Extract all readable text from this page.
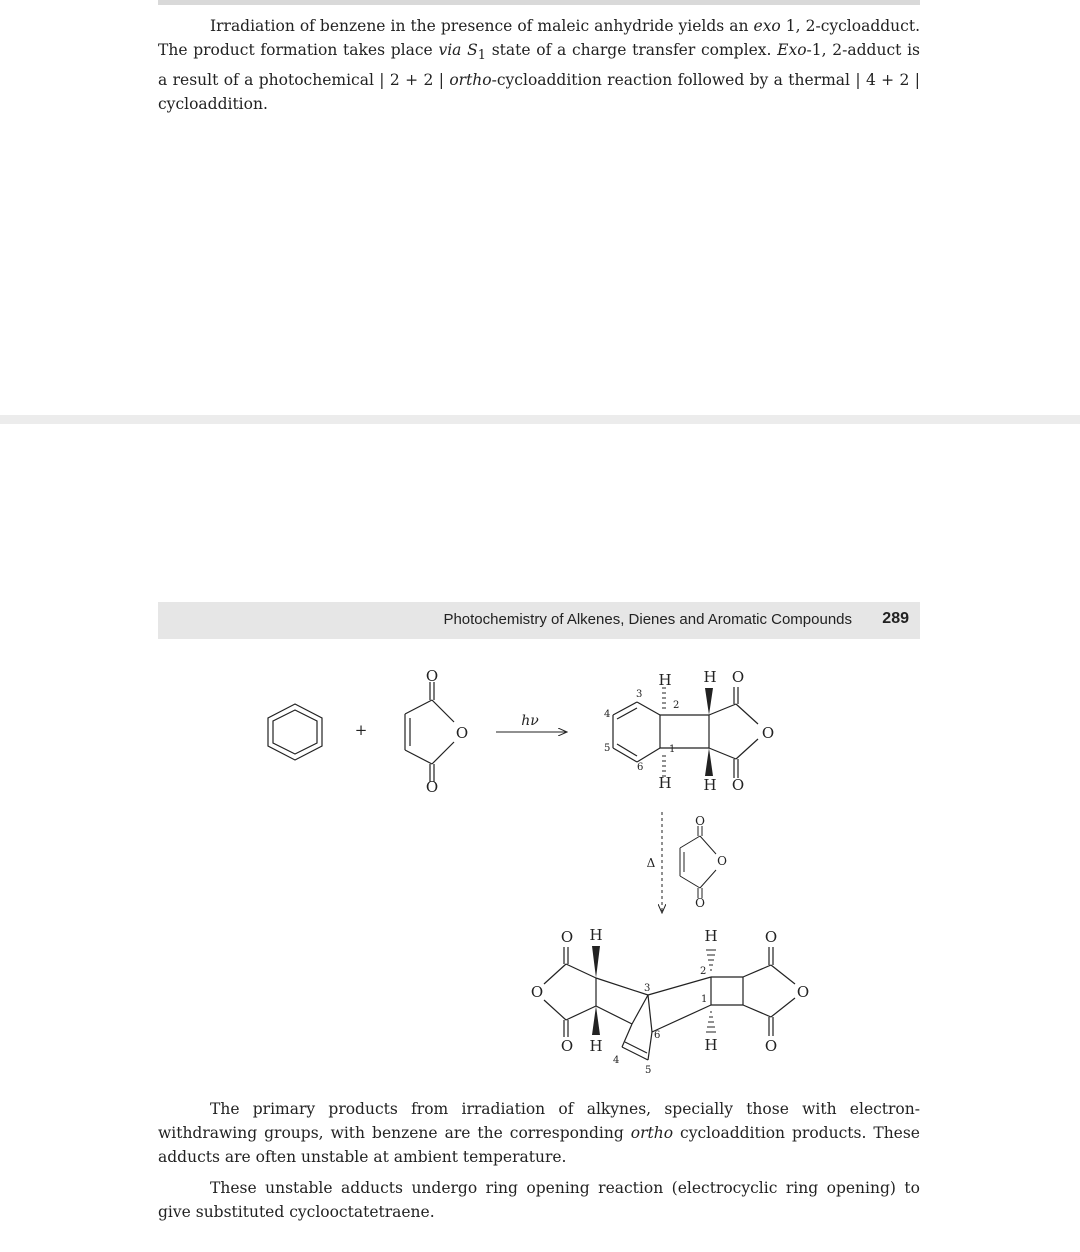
Irradiation of benzene in the presence of maleic anhydride yields an exo 1, 2-cycloadduct. The product formation takes place via $S_1$ state of a charge transfer complex. Exo-1, 2-adduct is a result of a photochemical | 2 + 2 | ortho-cycloaddition reaction followed by a thermal | 4 + 2 | cycloaddition.

Photochemistry of Alkenes, Dienes and Aromatic Compounds 289
+
O
O
O
hν
H H O
O
H H O
2
1
3
4
5
6
Δ
O
O
O
O H
O
O H
H	O
O
H	O
2
1
3
6
4
5

The primary products from irradiation of alkynes, specially those with electron-withdrawing groups, with benzene are the corresponding ortho cycloaddition products. These adducts are often unstable at ambient temperature.

These unstable adducts undergo ring opening reaction (electrocyclic ring opening) to give substituted cyclooctatetraene.
